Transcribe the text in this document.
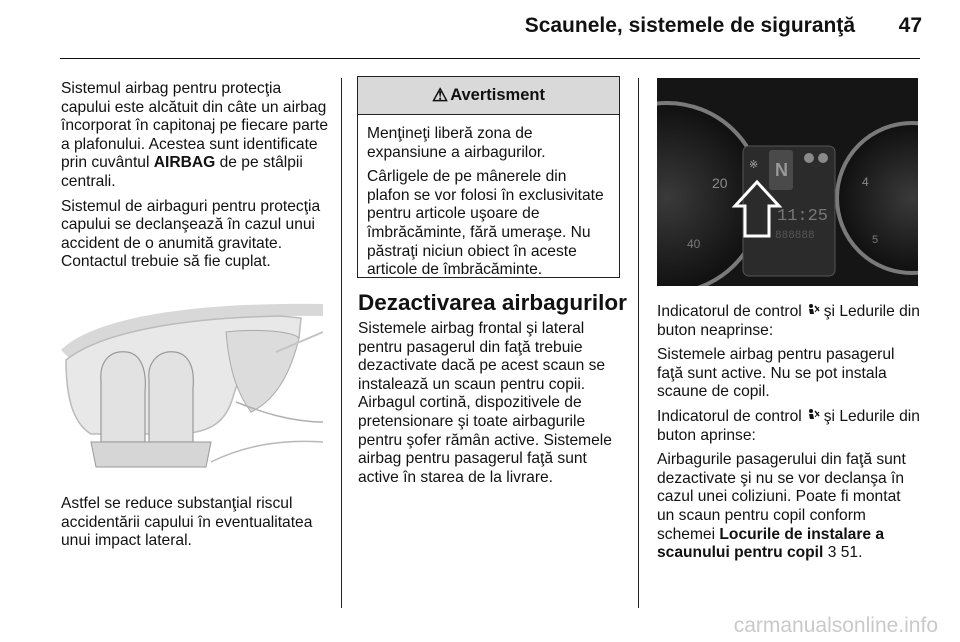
Scaunele, sistemele de siguranţă 47

Sistemul airbag pentru protecţia capului este alcătuit din câte un airbag încorporat în capitonaj pe fiecare parte a plafonului. Acestea sunt identificate prin cuvântul AIRBAG de pe stâlpii centrali.

Sistemul de airbaguri pentru protecţia capului se declanşează în cazul unui accident de o anumită gravitate. Contactul trebuie să fie cuplat.

Astfel se reduce substanţial riscul accidentării capului în eventualitatea unui impact lateral.

⚠ Avertisment

Menţineţi liberă zona de expansiune a airbagurilor.

Cârligele de pe mânerele din plafon se vor folosi în exclusivitate pentru articole uşoare de îmbrăcăminte, fără umeraşe. Nu păstraţi niciun obiect în aceste articole de îmbrăcăminte.

Dezactivarea airbagurilor

Sistemele airbag frontal şi lateral pentru pasagerul din faţă trebuie dezactivate dacă pe acest scaun se instalează un scaun pentru copii. Airbagul cortină, dispozitivele de pretensionare şi toate airbagurile pentru şofer rămân active. Sistemele airbag pentru pasagerul faţă sunt active în starea de la livrare.

20
40
4
5
N
※
11:25
888888

Indicatorul de control  şi Ledurile din buton neaprinse:

Sistemele airbag pentru pasagerul faţă sunt active. Nu se pot instala scaune de copil.

Indicatorul de control  şi Ledurile din buton aprinse:

Airbagurile pasagerului din faţă sunt dezactivate şi nu se vor declanşa în cazul unei coliziuni. Poate fi montat un scaun pentru copil conform schemei Locurile de instalare a scaunului pentru copil 3 51.

carmanualsonline.info
